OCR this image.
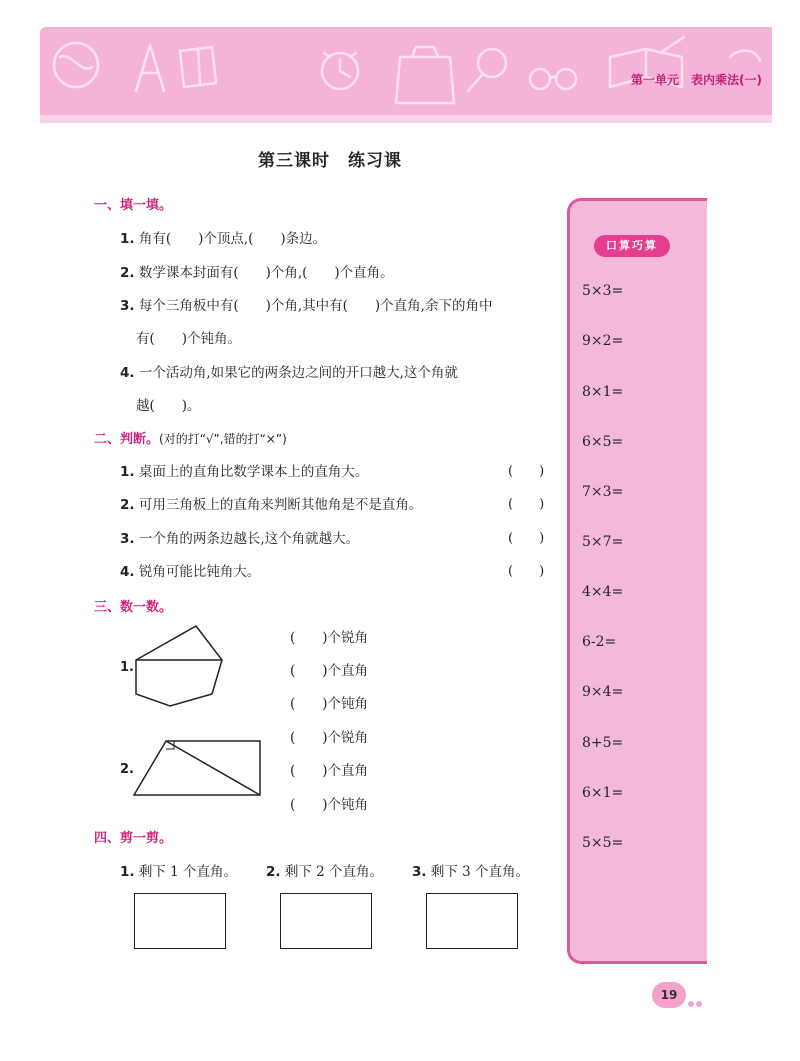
第一单元　表内乘法(一)
第三课时　练习课
一、填一填。
1. 角有(　　)个顶点,(　　)条边。
2. 数学课本封面有(　　)个角,(　　)个直角。
3. 每个三角板中有(　　)个角,其中有(　　)个直角,余下的角中
有(　　)个钝角。
4. 一个活动角,如果它的两条边之间的开口越大,这个角就
越(　　)。
二、判断。(对的打“√”,错的打“×”)
1. 桌面上的直角比数学课本上的直角大。	(　　)
2. 可用三角板上的直角来判断其他角是不是直角。	(　　)
3. 一个角的两条边越长,这个角就越大。	(　　)
4. 锐角可能比钝角大。	(　　)
三、数一数。
1.
2.
(　　)个锐角
(　　)个直角
(　　)个钝角
(　　)个锐角
(　　)个直角
(　　)个钝角
四、剪一剪。
1. 剩下 1 个直角。 2. 剩下 2 个直角。 3. 剩下 3 个直角。
口算巧算
5×3=
9×2=
8×1=
6×5=
7×3=
5×7=
4×4=
6-2=
9×4=
8+5=
6×1=
5×5=
19
